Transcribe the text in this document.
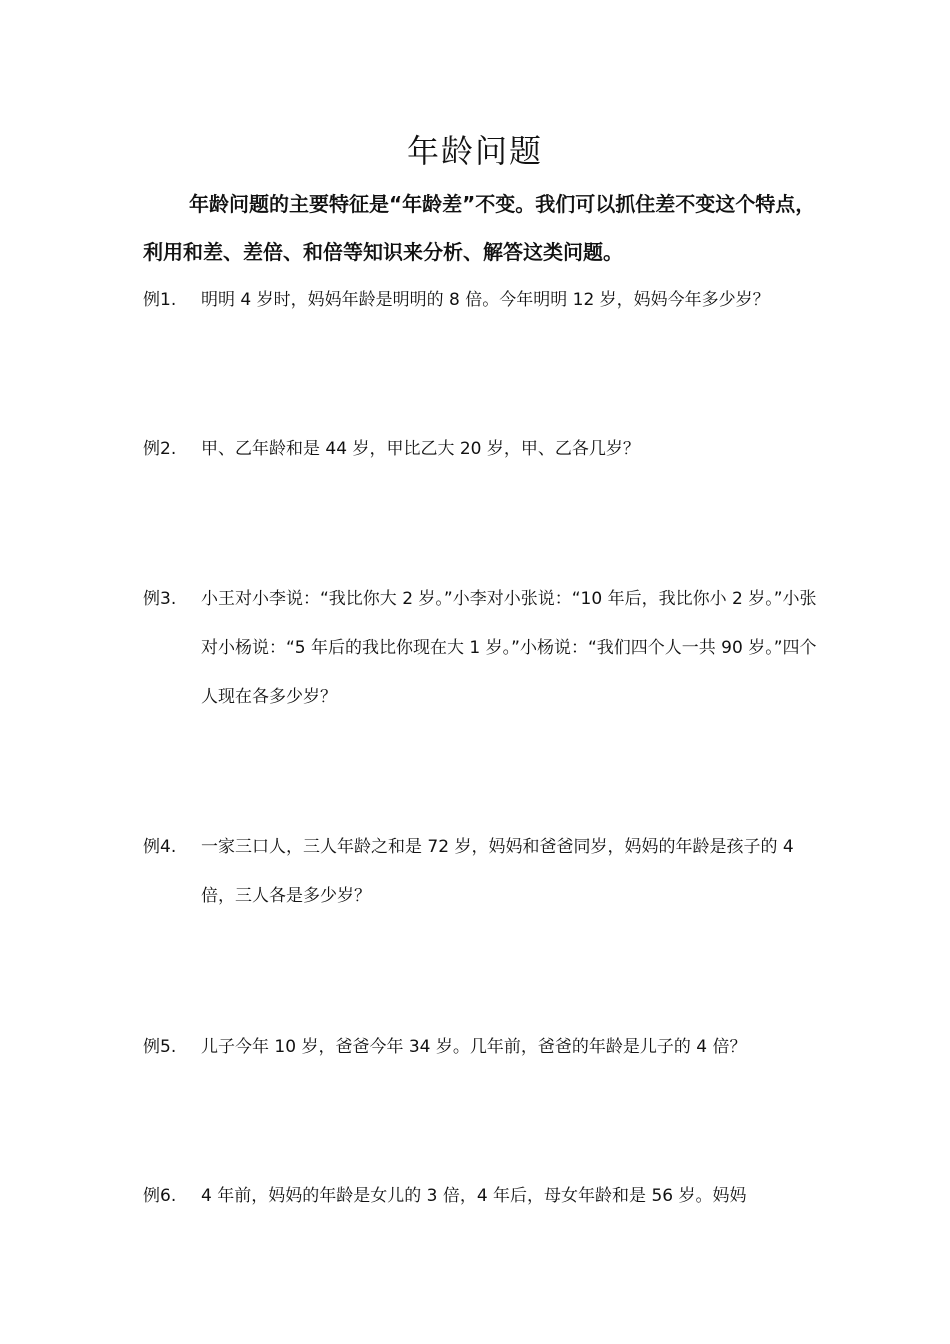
年龄问题
年龄问题的主要特征是“年龄差”不变。我们可以抓住差不变这个特点，利用和差、差倍、和倍等知识来分析、解答这类问题。
例1.	明明 4 岁时，妈妈年龄是明明的 8 倍。今年明明 12 岁，妈妈今年多少岁？
例2.	甲、乙年龄和是 44 岁，甲比乙大 20 岁，甲、乙各几岁？
例3.	小王对小李说：“我比你大 2 岁。”小李对小张说：“10 年后，我比你小 2 岁。”小张对小杨说：“5 年后的我比你现在大 1 岁。”小杨说：“我们四个人一共 90 岁。”四个人现在各多少岁？
例4.	一家三口人，三人年龄之和是 72 岁，妈妈和爸爸同岁，妈妈的年龄是孩子的 4 倍，三人各是多少岁？
例5.	儿子今年 10 岁，爸爸今年 34 岁。几年前，爸爸的年龄是儿子的 4 倍？
例6.	4 年前，妈妈的年龄是女儿的 3 倍，4 年后，母女年龄和是 56 岁。妈妈
